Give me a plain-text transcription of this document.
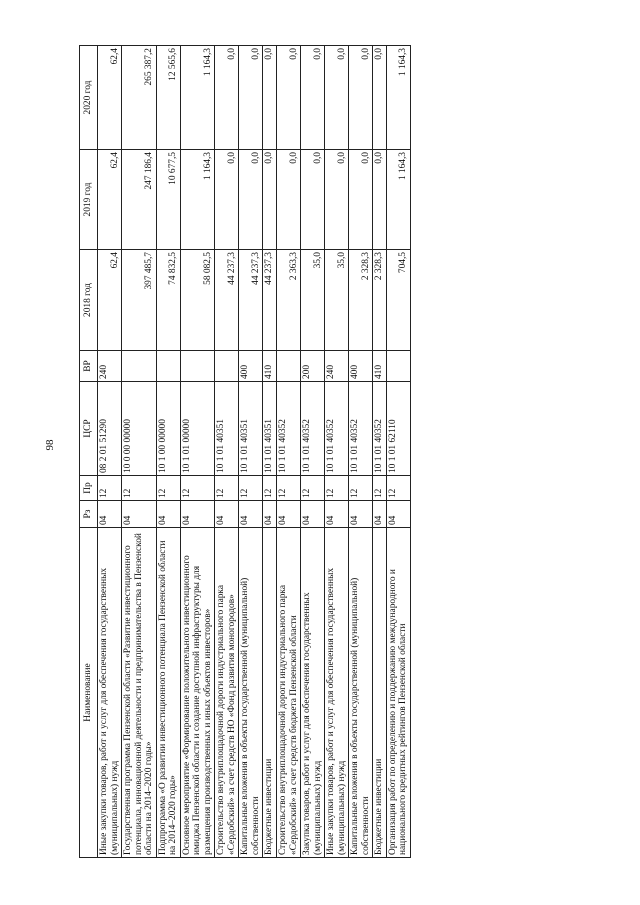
98
Наименование	Рз	Пр	ЦСР	ВР	2018 год	2019 год	2020 год
Иные закупки товаров, работ и услуг для обеспечения государственных (муниципальных) нужд	04	12	08 2 01 51290	240	62,4	62,4	62,4
Государственная программа Пензенской области «Развитие инвестиционного потенциала, инновационной деятельности и предпринимательства в Пензенской области на 2014–2020 годы»	04	12	10 0 00 00000		397 485,7	247 186,4	265 387,2
Подпрограмма «О развитии инвестиционного потенциала Пензенской области на 2014–2020 годы»	04	12	10 1 00 00000		74 832,5	10 677,5	12 565,6
Основное мероприятие «Формирование положительного инвестиционного имиджа Пензенской области и создание доступной инфраструктуры для размещения производственных и иных объектов инвесторов»	04	12	10 1 01 00000		58 082,5	1 164,3	1 164,3
Строительство внутриплощадочной дороги индустриального парка «Сердобский» за счет средств НО «Фонд развития моногородов»	04	12	10 1 01 40351		44 237,3	0,0	0,0
Капитальные вложения в объекты государственной (муниципальной) собственности	04	12	10 1 01 40351	400	44 237,3	0,0	0,0
Бюджетные инвестиции	04	12	10 1 01 40351	410	44 237,3	0,0	0,0
Строительство внутриплощадочной дороги индустриального парка «Сердобский» за счет средств бюджета Пензенской области	04	12	10 1 01 40352		2 363,3	0,0	0,0
Закупка товаров, работ и услуг для обеспечения государственных (муниципальных) нужд	04	12	10 1 01 40352	200	35,0	0,0	0,0
Иные закупки товаров, работ и услуг для обеспечения государственных (муниципальных) нужд	04	12	10 1 01 40352	240	35,0	0,0	0,0
Капитальные вложения в объекты государственной (муниципальной) собственности	04	12	10 1 01 40352	400	2 328,3	0,0	0,0
Бюджетные инвестиции	04	12	10 1 01 40352	410	2 328,3	0,0	0,0
Организация работ по определению и поддержанию международного и национального кредитных рейтингов Пензенской области	04	12	10 1 01 62110		704,5	1 164,3	1 164,3
